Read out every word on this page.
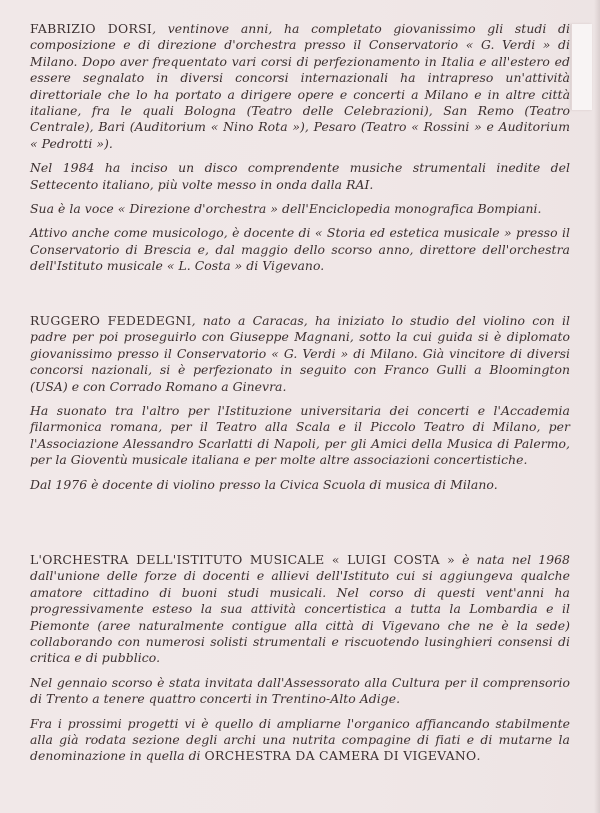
FABRIZIO DORSI, ventinove anni, ha completato giovanissimo gli studi di composizione e di direzione d'orchestra presso il Conservatorio « G. Verdi » di Milano. Dopo aver frequentato vari corsi di perfezionamento in Italia e all'estero ed essere segnalato in diversi concorsi internazionali ha intrapreso un'attività direttoriale che lo ha portato a dirigere opere e concerti a Milano e in altre città italiane, fra le quali Bologna (Teatro delle Celebrazioni), San Remo (Teatro Centrale), Bari (Auditorium « Nino Rota »), Pesaro (Teatro « Rossini » e Auditorium « Pedrotti »).

Nel 1984 ha inciso un disco comprendente musiche strumentali inedite del Settecento italiano, più volte messo in onda dalla RAI.

Sua è la voce « Direzione d'orchestra » dell'Enciclopedia monografica Bompiani.

Attivo anche come musicologo, è docente di « Storia ed estetica musicale » presso il Conservatorio di Brescia e, dal maggio dello scorso anno, direttore dell'orchestra dell'Istituto musicale « L. Costa » di Vigevano.

RUGGERO FEDEDEGNI, nato a Caracas, ha iniziato lo studio del violino con il padre per poi proseguirlo con Giuseppe Magnani, sotto la cui guida si è diplomato giovanissimo presso il Conservatorio « G. Verdi » di Milano. Già vincitore di diversi concorsi nazionali, si è perfezionato in seguito con Franco Gulli a Bloomington (USA) e con Corrado Romano a Ginevra.

Ha suonato tra l'altro per l'Istituzione universitaria dei concerti e l'Accademia filarmonica romana, per il Teatro alla Scala e il Piccolo Teatro di Milano, per l'Associazione Alessandro Scarlatti di Napoli, per gli Amici della Musica di Palermo, per la Gioventù musicale italiana e per molte altre associazioni concertistiche.

Dal 1976 è docente di violino presso la Civica Scuola di musica di Milano.

L'ORCHESTRA DELL'ISTITUTO MUSICALE « LUIGI COSTA » è nata nel 1968 dall'unione delle forze di docenti e allievi dell'Istituto cui si aggiungeva qualche amatore cittadino di buoni studi musicali. Nel corso di questi vent'anni ha progressivamente esteso la sua attività concertistica a tutta la Lombardia e il Piemonte (aree naturalmente contigue alla città di Vigevano che ne è la sede) collaborando con numerosi solisti strumentali e riscuotendo lusinghieri consensi di critica e di pubblico.

Nel gennaio scorso è stata invitata dall'Assessorato alla Cultura per il comprensorio di Trento a tenere quattro concerti in Trentino-Alto Adige.

Fra i prossimi progetti vi è quello di ampliarne l'organico affiancando stabilmente alla già rodata sezione degli archi una nutrita compagine di fiati e di mutarne la denominazione in quella di ORCHESTRA DA CAMERA DI VIGEVANO.
